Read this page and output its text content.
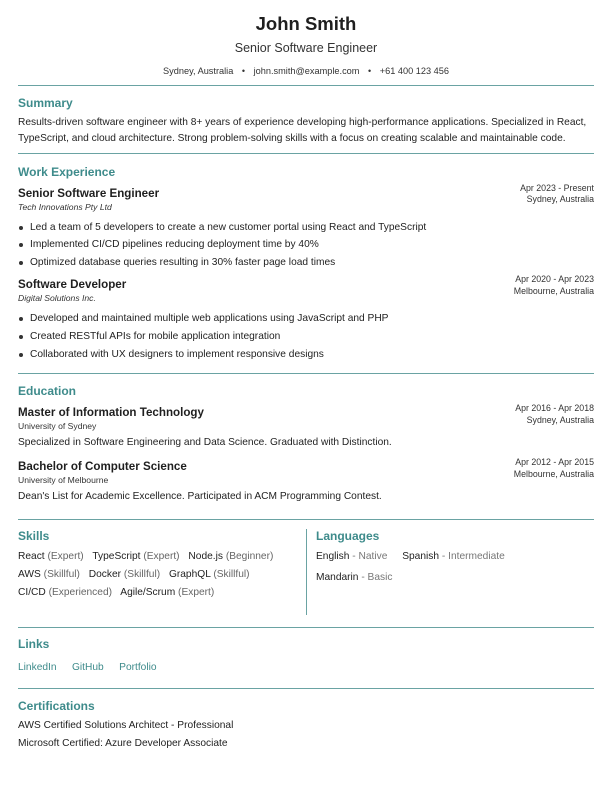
John Smith
Senior Software Engineer
Sydney, Australia • john.smith@example.com • +61 400 123 456
Summary
Results-driven software engineer with 8+ years of experience developing high-performance applications. Specialized in React, TypeScript, and cloud architecture. Strong problem-solving skills with a focus on creating scalable and maintainable code.
Work Experience
Senior Software Engineer
Tech Innovations Pty Ltd
Apr 2023 - Present
Sydney, Australia
Led a team of 5 developers to create a new customer portal using React and TypeScript
Implemented CI/CD pipelines reducing deployment time by 40%
Optimized database queries resulting in 30% faster page load times
Software Developer
Digital Solutions Inc.
Apr 2020 - Apr 2023
Melbourne, Australia
Developed and maintained multiple web applications using JavaScript and PHP
Created RESTful APIs for mobile application integration
Collaborated with UX designers to implement responsive designs
Education
Master of Information Technology
University of Sydney
Apr 2016 - Apr 2018
Sydney, Australia
Specialized in Software Engineering and Data Science. Graduated with Distinction.
Bachelor of Computer Science
University of Melbourne
Apr 2012 - Apr 2015
Melbourne, Australia
Dean's List for Academic Excellence. Participated in ACM Programming Contest.
Skills
React (Expert) TypeScript (Expert) Node.js (Beginner)
AWS (Skillful) Docker (Skillful) GraphQL (Skillful)
CI/CD (Experienced) Agile/Scrum (Expert)
Languages
English - Native Spanish - Intermediate
Mandarin - Basic
Links
LinkedIn GitHub Portfolio
Certifications
AWS Certified Solutions Architect - Professional
Microsoft Certified: Azure Developer Associate
